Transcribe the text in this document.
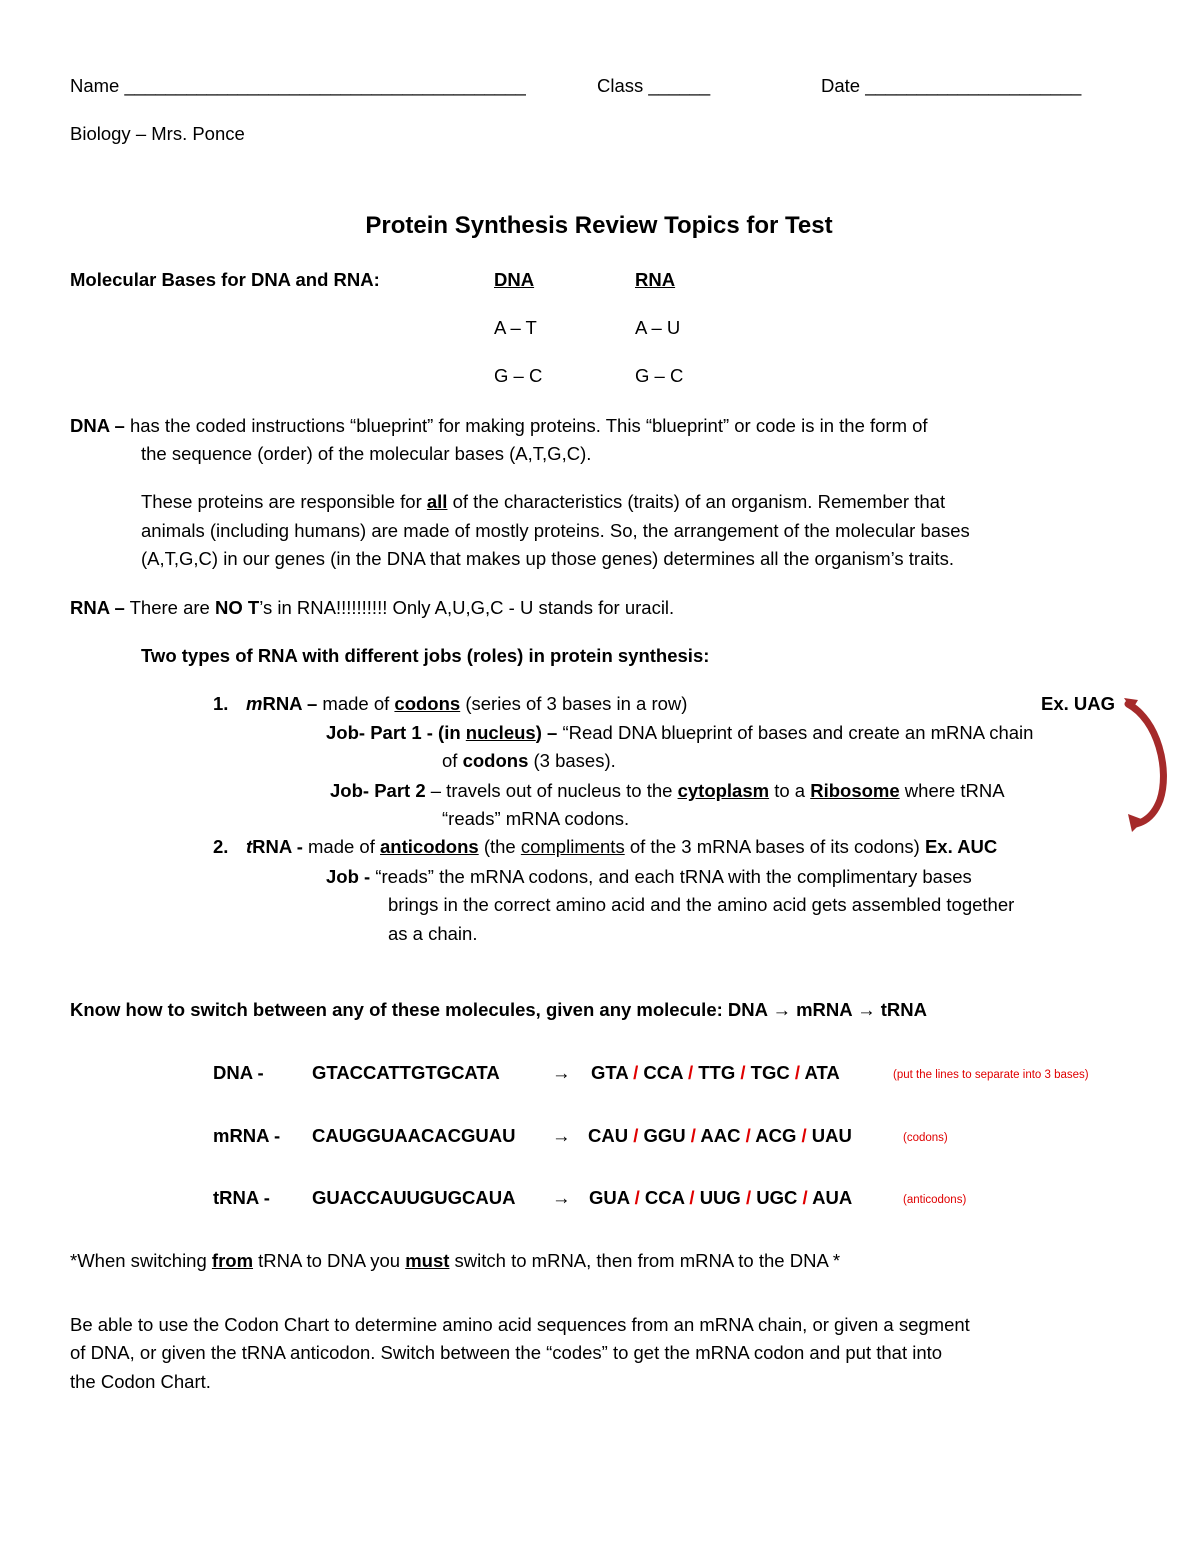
Name _______________________________________	Class ______	Date _____________________
Biology – Mrs. Ponce
Protein Synthesis Review Topics for Test
Molecular Bases for DNA and RNA:	DNA	RNA
A – T	A – U
G – C	G – C
DNA – has the coded instructions “blueprint” for making proteins. This “blueprint” or code is in the form of
the sequence (order) of the molecular bases (A,T,G,C).
These proteins are responsible for all of the characteristics (traits) of an organism. Remember that
animals (including humans) are made of mostly proteins. So, the arrangement of the molecular bases
(A,T,G,C) in our genes (in the DNA that makes up those genes) determines all the organism’s traits.
RNA – There are NO T’s in RNA!!!!!!!!!! Only A,U,G,C - U stands for uracil.
Two types of RNA with different jobs (roles) in protein synthesis:
1. mRNA – made of codons (series of 3 bases in a row)	Ex. UAG
Job- Part 1 - (in nucleus) – “Read DNA blueprint of bases and create an mRNA chain
of codons (3 bases).
Job- Part 2 – travels out of nucleus to the cytoplasm to a Ribosome where tRNA
“reads” mRNA codons.
2. tRNA - made of anticodons (the compliments of the 3 mRNA bases of its codons) Ex. AUC
Job - “reads” the mRNA codons, and each tRNA with the complimentary bases
brings in the correct amino acid and the amino acid gets assembled together
as a chain.
Know how to switch between any of these molecules, given any molecule: DNA → mRNA → tRNA
DNA -	GTACCATTGTGCATA	→ GTA / CCA / TTG / TGC / ATA	(put the lines to separate into 3 bases)
mRNA - CAUGGUAACACGUAU → CAU / GGU / AAC / ACG / UAU	(codons)
tRNA - GUACCAUUGUGCAUA → GUA / CCA / UUG / UGC / AUA	(anticodons)
*When switching from tRNA to DNA you must switch to mRNA, then from mRNA to the DNA *
Be able to use the Codon Chart to determine amino acid sequences from an mRNA chain, or given a segment
of DNA, or given the tRNA anticodon. Switch between the “codes” to get the mRNA codon and put that into
the Codon Chart.
